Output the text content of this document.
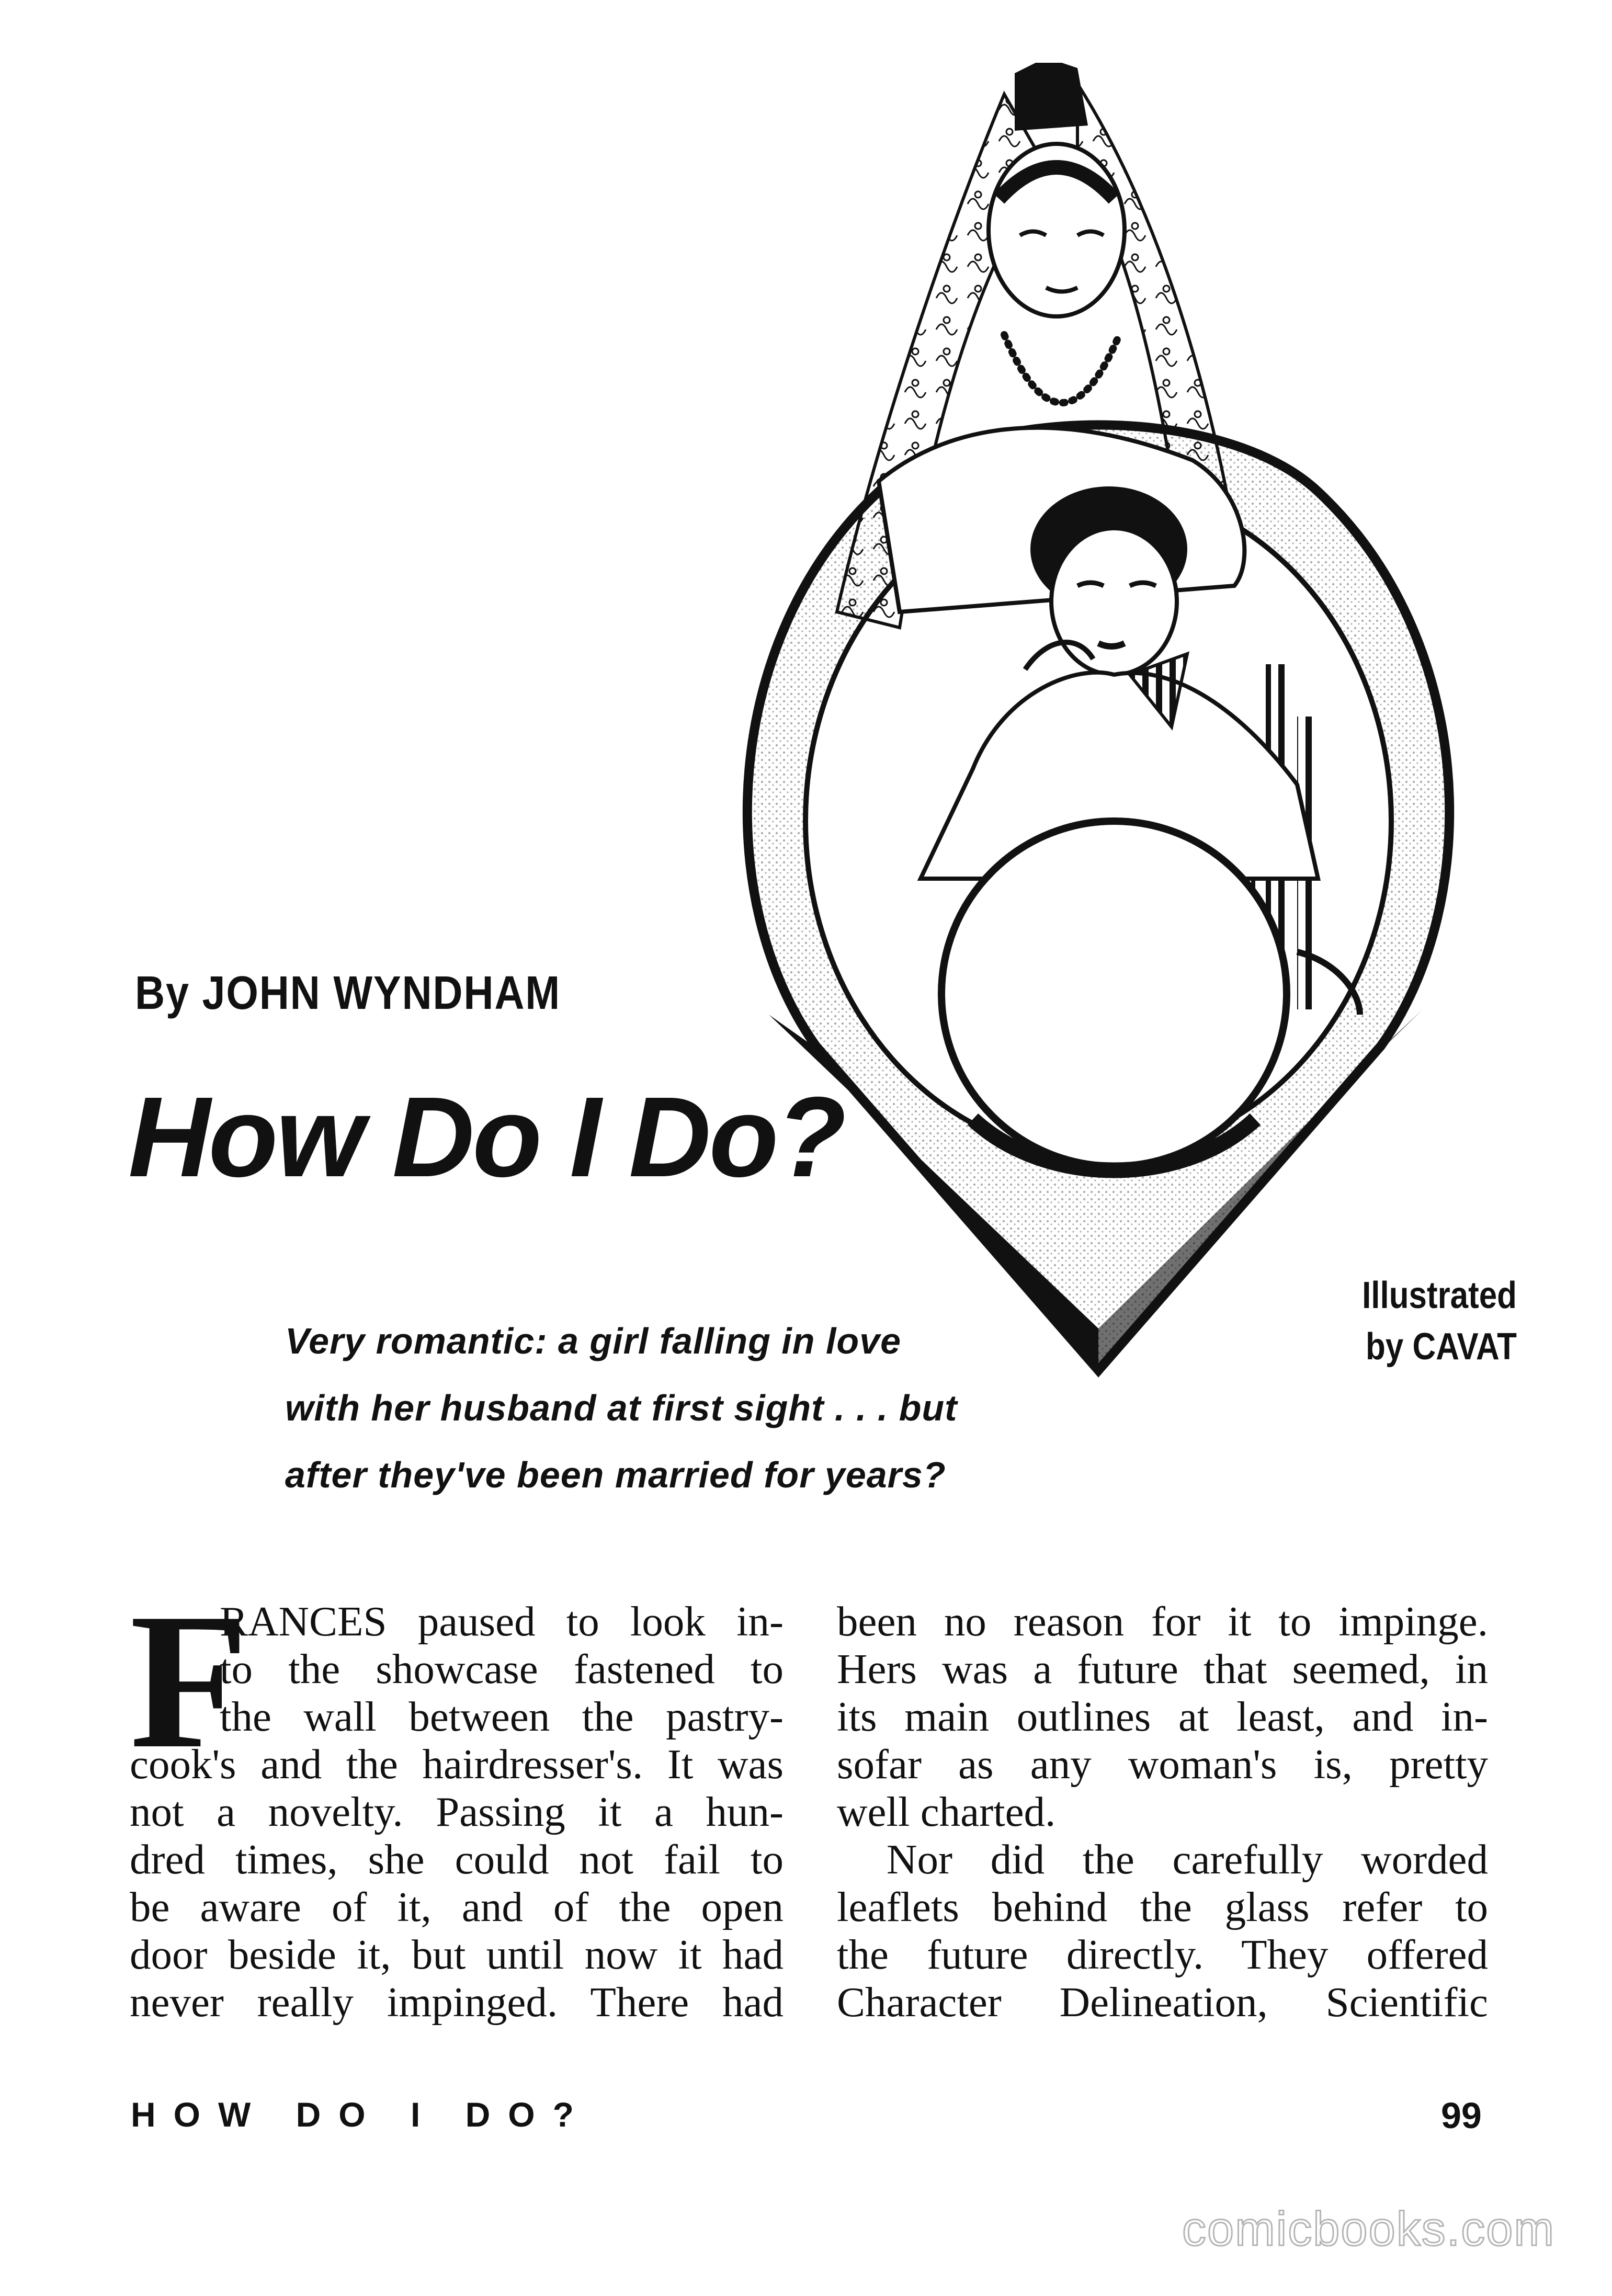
By JOHN WYNDHAM
How Do I Do?
Illustrated
by CAVAT
Very romantic: a girl falling in love
with her husband at first sight . . . but
after they've been married for years?
F
RANCES paused to look in-
to the showcase fastened to
the wall between the pastry-
cook's and the hairdresser's. It was
not a novelty. Passing it a hun-
dred times, she could not fail to
be aware of it, and of the open
door beside it, but until now it had
never really impinged. There had
been no reason for it to impinge.
Hers was a future that seemed, in
its main outlines at least, and in-
sofar as any woman's is, pretty
well charted.
Nor did the carefully worded
leaflets behind the glass refer to
the future directly. They offered
Character Delineation, Scientific
HOW DO I DO?	99
comicbooks.com
